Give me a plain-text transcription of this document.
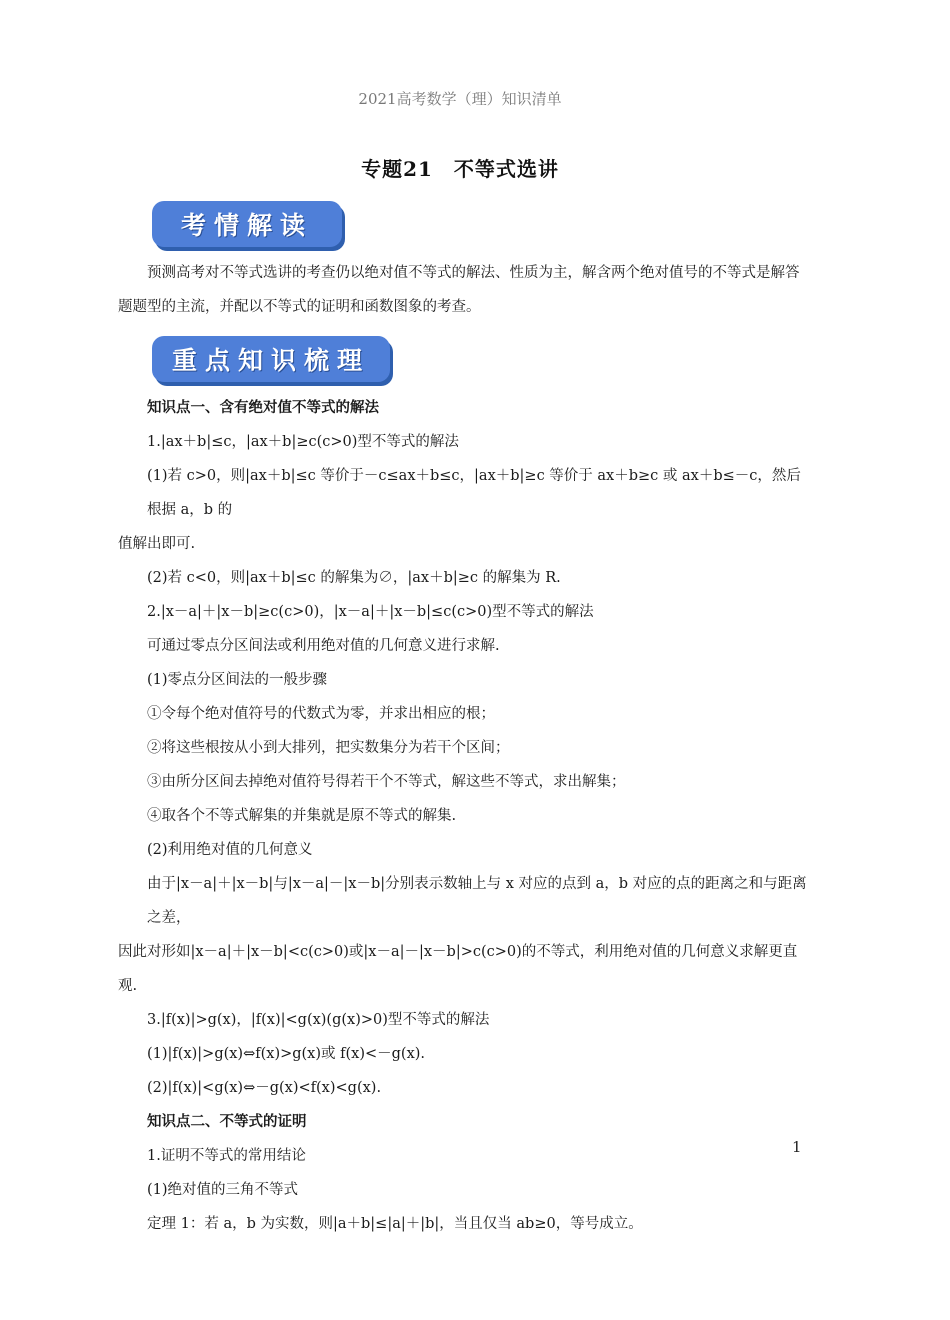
2021高考数学（理）知识清单
专题21　不等式选讲
考情解读

预测高考对不等式选讲的考查仍以绝对值不等式的解法、性质为主，解含两个绝对值号的不等式是解答题题型的主流，并配以不等式的证明和函数图象的考查。

重点知识梳理

知识点一、含有绝对值不等式的解法

1.|ax＋b|≤c，|ax＋b|≥c(c>0)型不等式的解法

(1)若 c>0，则|ax＋b|≤c 等价于－c≤ax＋b≤c，|ax＋b|≥c 等价于 ax＋b≥c 或 ax＋b≤－c，然后根据 a，b 的

值解出即可.

(2)若 c<0，则|ax＋b|≤c 的解集为∅，|ax＋b|≥c 的解集为 R.

2.|x－a|＋|x－b|≥c(c>0)，|x－a|＋|x－b|≤c(c>0)型不等式的解法

可通过零点分区间法或利用绝对值的几何意义进行求解.

(1)零点分区间法的一般步骤

①令每个绝对值符号的代数式为零，并求出相应的根；

②将这些根按从小到大排列，把实数集分为若干个区间；

③由所分区间去掉绝对值符号得若干个不等式，解这些不等式，求出解集；

④取各个不等式解集的并集就是原不等式的解集.

(2)利用绝对值的几何意义

由于|x－a|＋|x－b|与|x－a|－|x－b|分别表示数轴上与 x 对应的点到 a，b 对应的点的距离之和与距离之差，

因此对形如|x－a|＋|x－b|<c(c>0)或|x－a|－|x－b|>c(c>0)的不等式，利用绝对值的几何意义求解更直观.

3.|f(x)|>g(x)，|f(x)|<g(x)(g(x)>0)型不等式的解法

(1)|f(x)|>g(x)⇔f(x)>g(x)或 f(x)<－g(x).

(2)|f(x)|<g(x)⇔－g(x)<f(x)<g(x).

知识点二、不等式的证明

1.证明不等式的常用结论

(1)绝对值的三角不等式

定理 1：若 a，b 为实数，则|a＋b|≤|a|＋|b|，当且仅当 ab≥0，等号成立。

1
